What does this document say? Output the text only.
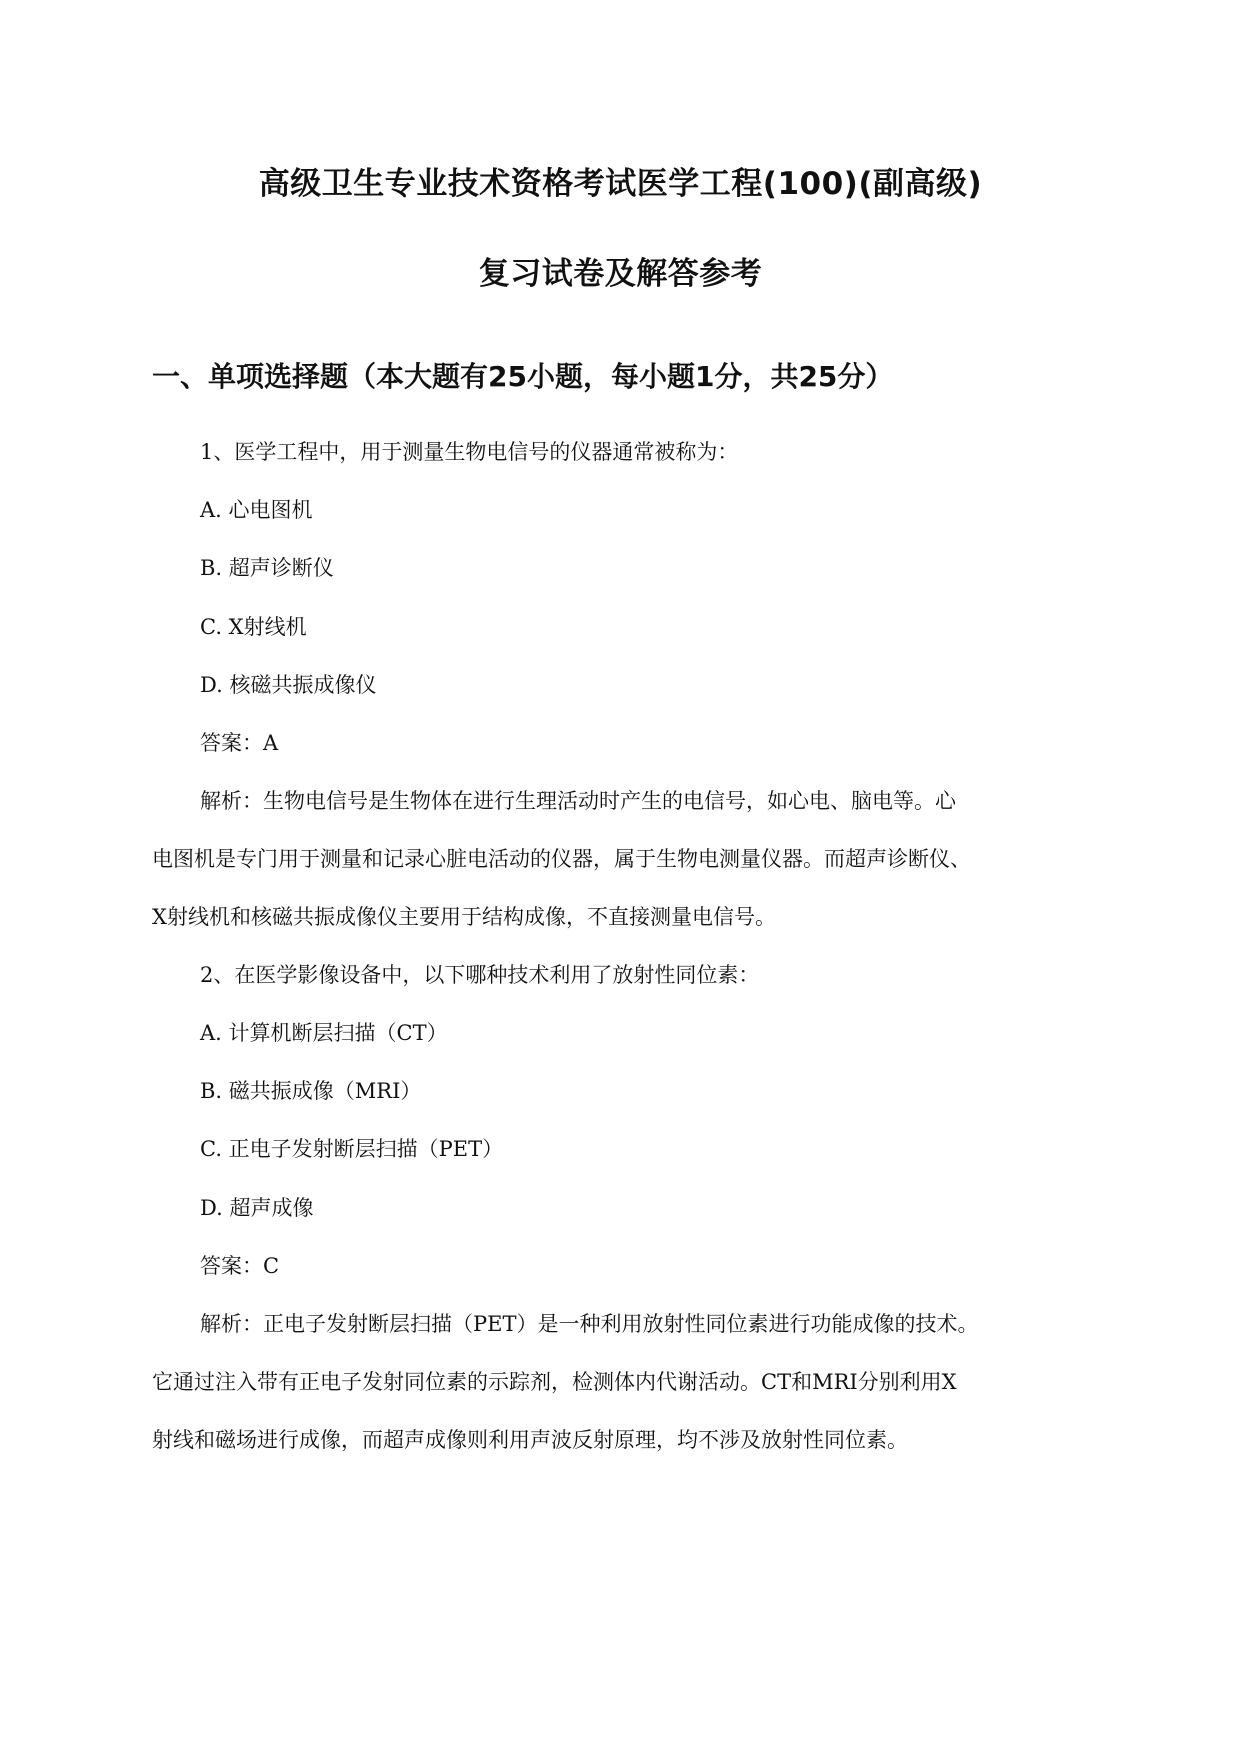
高级卫生专业技术资格考试医学工程(100)(副高级)
复习试卷及解答参考
一、单项选择题（本大题有25小题，每小题1分，共25分）
1、医学工程中，用于测量生物电信号的仪器通常被称为：
A. 心电图机
B. 超声诊断仪
C. X射线机
D. 核磁共振成像仪
答案：A
解析：生物电信号是生物体在进行生理活动时产生的电信号，如心电、脑电等。心
电图机是专门用于测量和记录心脏电活动的仪器，属于生物电测量仪器。而超声诊断仪、
X射线机和核磁共振成像仪主要用于结构成像，不直接测量电信号。
2、在医学影像设备中，以下哪种技术利用了放射性同位素：
A. 计算机断层扫描（CT）
B. 磁共振成像（MRI）
C. 正电子发射断层扫描（PET）
D. 超声成像
答案：C
解析：正电子发射断层扫描（PET）是一种利用放射性同位素进行功能成像的技术。
它通过注入带有正电子发射同位素的示踪剂，检测体内代谢活动。CT和MRI分别利用X
射线和磁场进行成像，而超声成像则利用声波反射原理，均不涉及放射性同位素。
